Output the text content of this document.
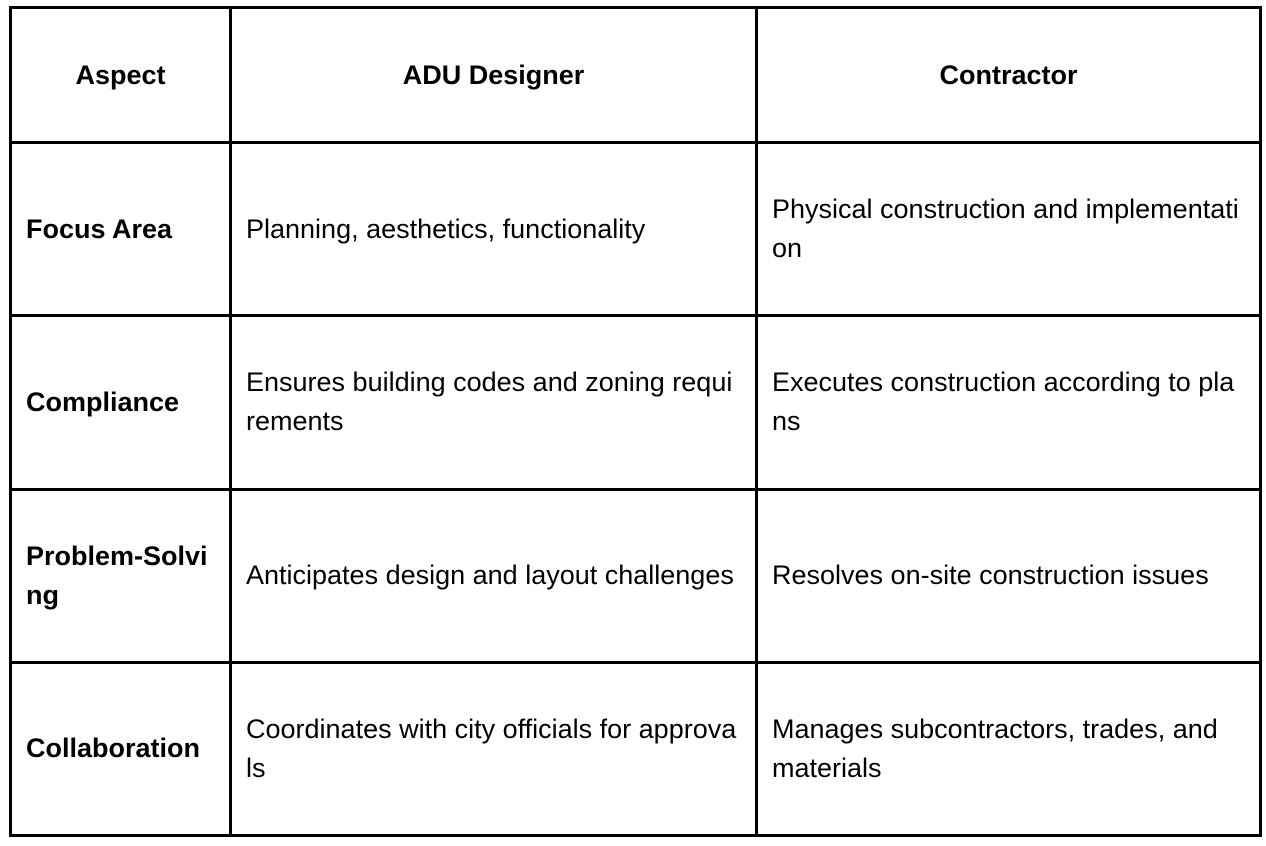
Aspect	ADU Designer	Contractor
Focus Area	Planning, aesthetics, functionality	Physical construction and implementation
Compliance	Ensures building codes and zoning requirements	Executes construction according to plans
Problem-Solving	Anticipates design and layout challenges	Resolves on-site construction issues
Collaboration	Coordinates with city officials for approvals	Manages subcontractors, trades, and materials
